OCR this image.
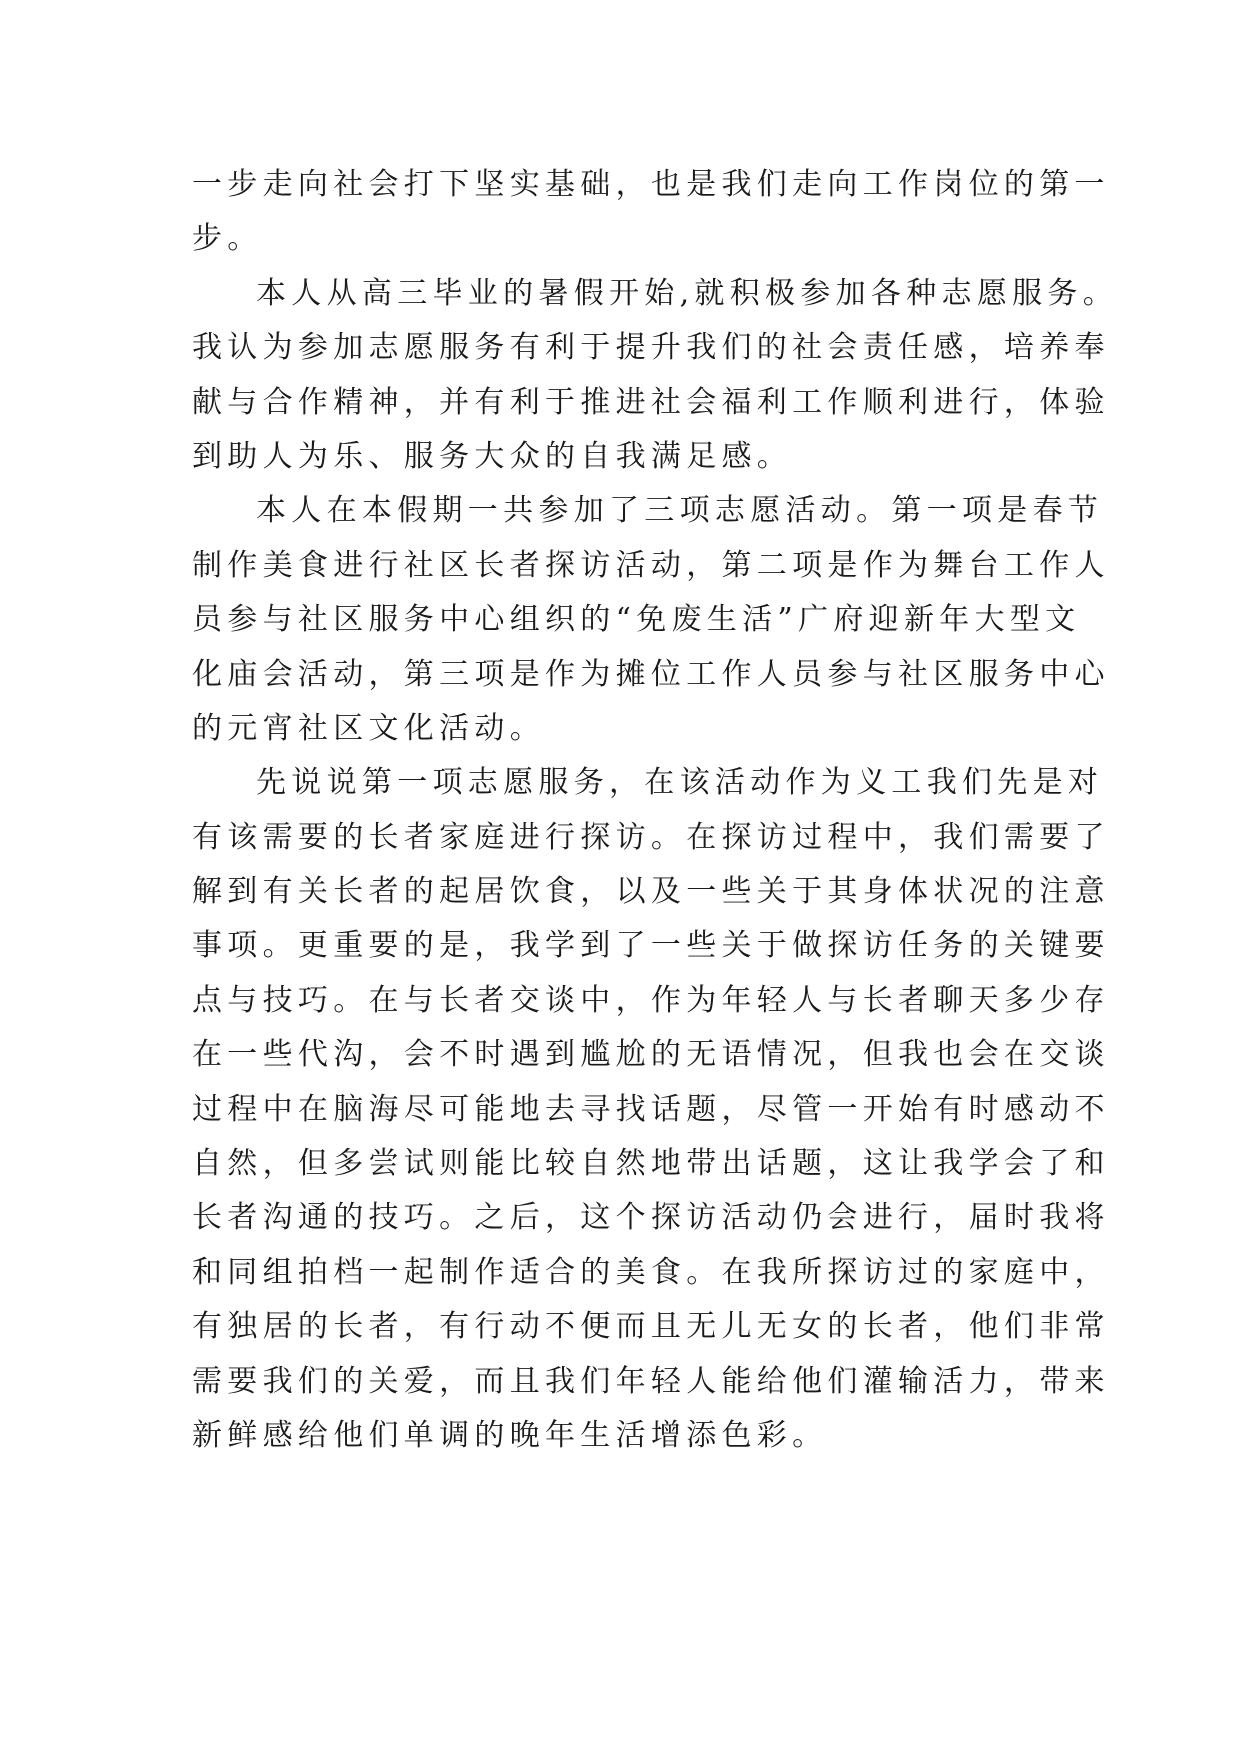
一步走向社会打下坚实基础，也是我们走向工作岗位的第一
步。
本人从高三毕业的暑假开始,就积极参加各种志愿服务。
我认为参加志愿服务有利于提升我们的社会责任感，培养奉
献与合作精神，并有利于推进社会福利工作顺利进行，体验
到助人为乐、服务大众的自我满足感。
本人在本假期一共参加了三项志愿活动。第一项是春节
制作美食进行社区长者探访活动，第二项是作为舞台工作人
员参与社区服务中心组织的“免废生活”广府迎新年大型文
化庙会活动，第三项是作为摊位工作人员参与社区服务中心
的元宵社区文化活动。
先说说第一项志愿服务，在该活动作为义工我们先是对
有该需要的长者家庭进行探访。在探访过程中，我们需要了
解到有关长者的起居饮食，以及一些关于其身体状况的注意
事项。更重要的是，我学到了一些关于做探访任务的关键要
点与技巧。在与长者交谈中，作为年轻人与长者聊天多少存
在一些代沟，会不时遇到尴尬的无语情况，但我也会在交谈
过程中在脑海尽可能地去寻找话题，尽管一开始有时感动不
自然，但多尝试则能比较自然地带出话题，这让我学会了和
长者沟通的技巧。之后，这个探访活动仍会进行，届时我将
和同组拍档一起制作适合的美食。在我所探访过的家庭中，
有独居的长者，有行动不便而且无儿无女的长者，他们非常
需要我们的关爱，而且我们年轻人能给他们灌输活力，带来
新鲜感给他们单调的晚年生活增添色彩。
